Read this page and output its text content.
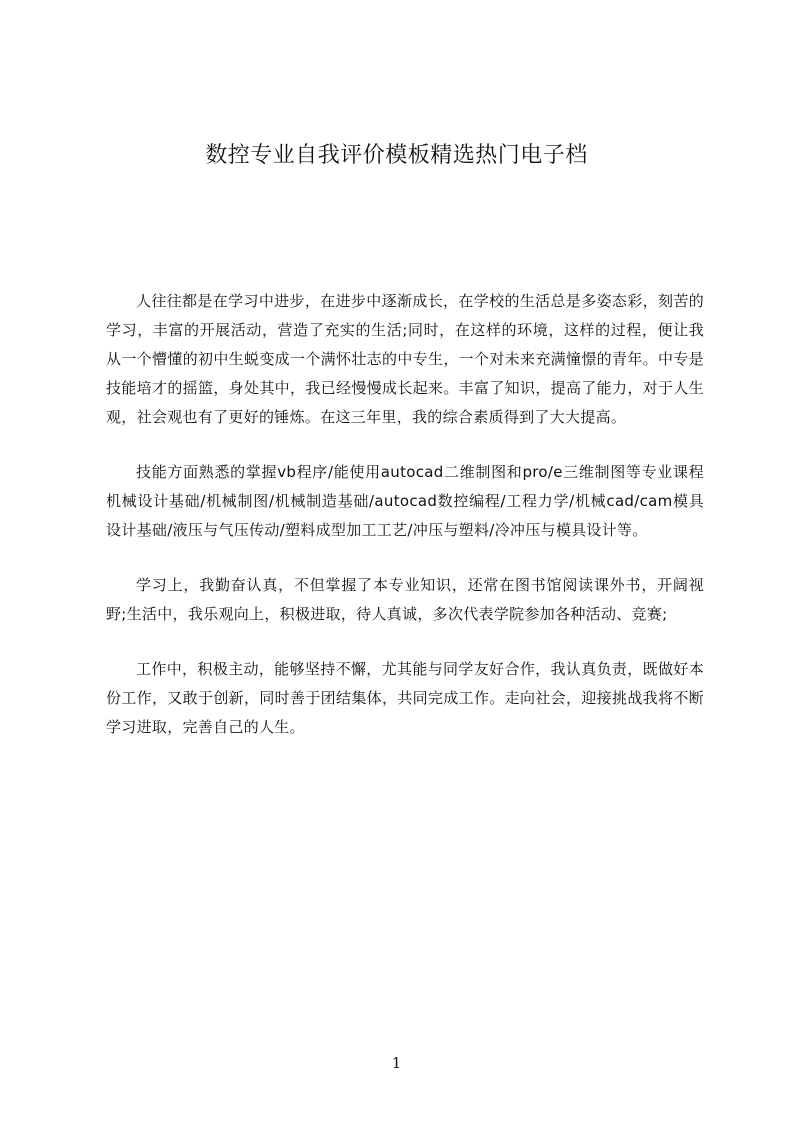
数控专业自我评价模板精选热门电子档

人往往都是在学习中进步，在进步中逐渐成长，在学校的生活总是多姿态彩，刻苦的学习，丰富的开展活动，营造了充实的生活;同时，在这样的环境，这样的过程，便让我从一个懵懂的初中生蜕变成一个满怀壮志的中专生，一个对未来充满憧憬的青年。中专是技能培才的摇篮，身处其中，我已经慢慢成长起来。丰富了知识，提高了能力，对于人生观，社会观也有了更好的锤炼。在这三年里，我的综合素质得到了大大提高。

技能方面熟悉的掌握vb程序/能使用autocad二维制图和pro/e三维制图等专业课程机械设计基础/机械制图/机械制造基础/autocad数控编程/工程力学/机械cad/cam模具设计基础/液压与气压传动/塑料成型加工工艺/冲压与塑料/冷冲压与模具设计等。

学习上，我勤奋认真，不但掌握了本专业知识，还常在图书馆阅读课外书，开阔视野;生活中，我乐观向上，积极进取，待人真诚，多次代表学院参加各种活动、竞赛;

工作中，积极主动，能够坚持不懈，尤其能与同学友好合作，我认真负责，既做好本份工作，又敢于创新，同时善于团结集体，共同完成工作。走向社会，迎接挑战我将不断学习进取，完善自己的人生。

1
